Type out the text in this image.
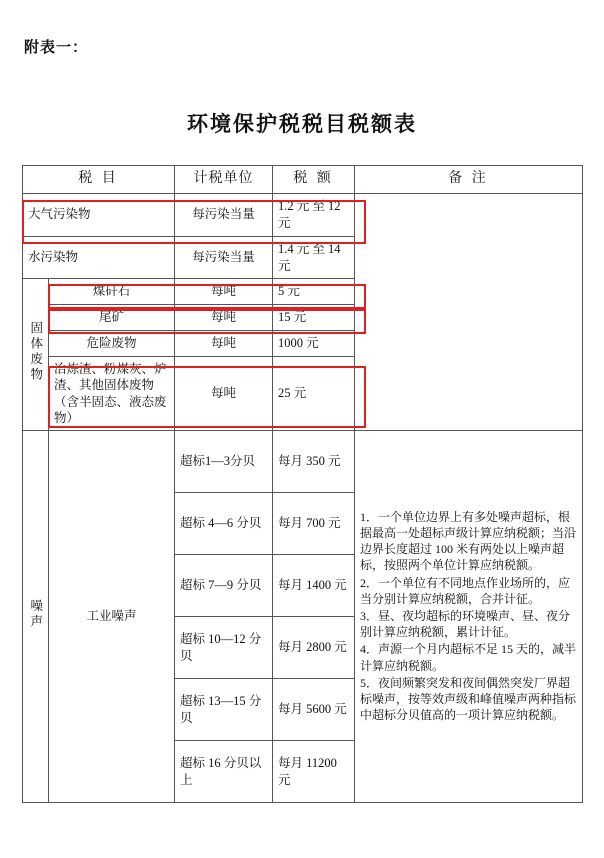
附表一：
环境保护税税目税额表
税 目		计税单位	税 额	备 注
大气污染物		每污染当量	1.2 元 至 12 元	
水污染物		每污染当量	1.4 元 至 14 元	
固体废物	煤矸石	每吨	5 元	
	尾矿	每吨	15 元	
	危险废物	每吨	1000 元	
	冶炼渣、粉煤灰、炉渣、其他固体废物（含半固态、液态废物）	每吨	25 元	
噪声	工业噪声	超标1—3分贝	每月 350 元	1．一个单位边界上有多处噪声超标，根据最高一处超标声级计算应纳税额；当沿边界长度超过 100 米有两处以上噪声超标，按照两个单位计算应纳税额。

2．一个单位有不同地点作业场所的，应当分别计算应纳税额，合并计征。

3．昼、夜均超标的环境噪声、昼、夜分别计算应纳税额，累计计征。

4．声源一个月内超标不足 15 天的，减半计算应纳税额。

5．夜间频繁突发和夜间偶然突发厂界超标噪声，按等效声级和峰值噪声两种指标中超标分贝值高的一项计算应纳税额。

		超标 4—6 分贝	每月 700 元	
		超标 7—9 分贝	每月 1400 元	
		超标 10—12 分贝	每月 2800 元	
		超标 13—15 分贝	每月 5600 元	
		超标 16 分贝以上	每月 11200 元	
